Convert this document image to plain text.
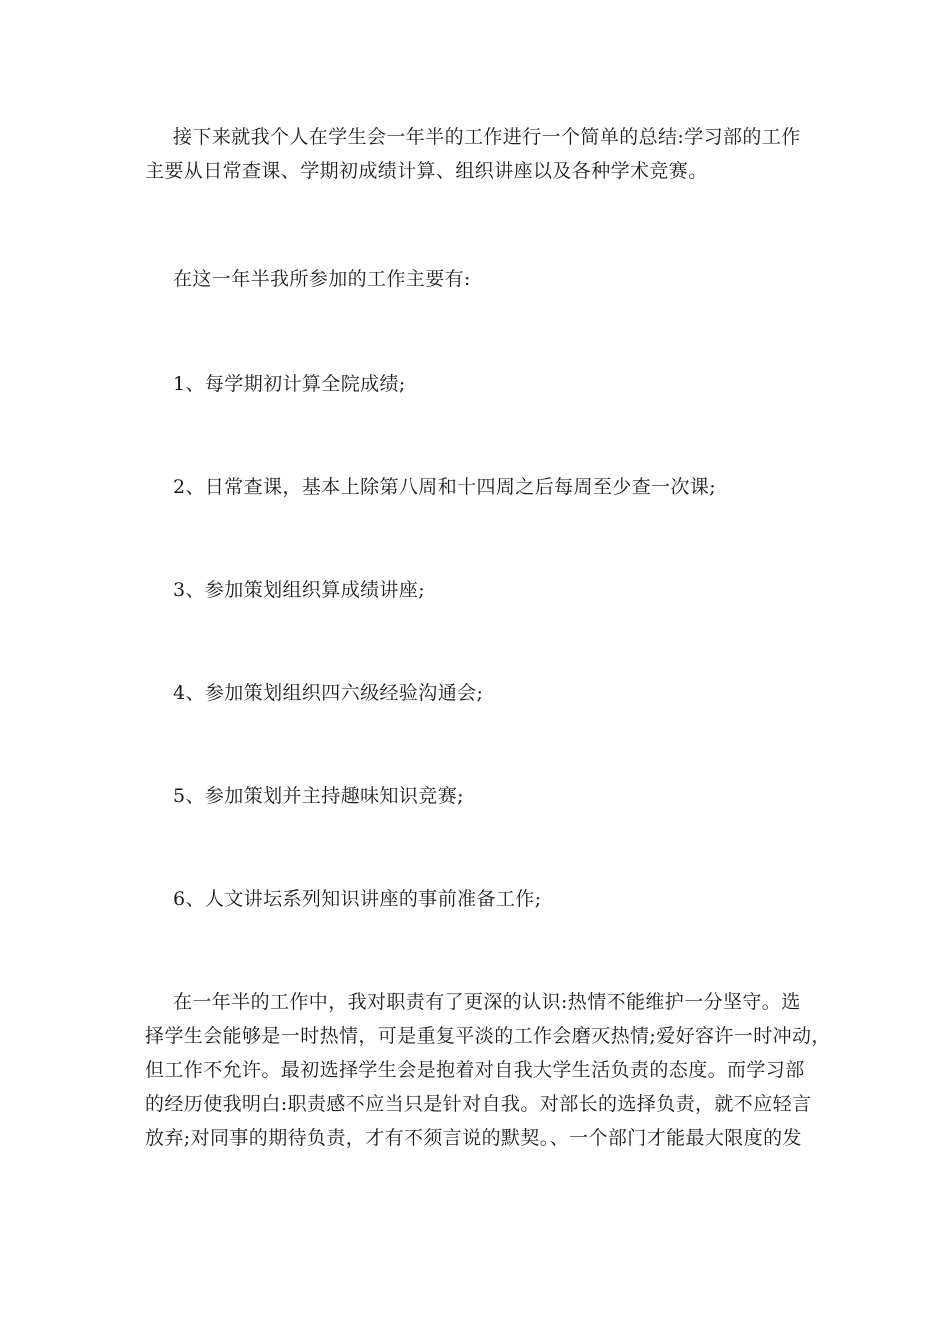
接下来就我个人在学生会一年半的工作进行一个简单的总结:学习部的工作
主要从日常查课、学期初成绩计算、组织讲座以及各种学术竞赛。
在这一年半我所参加的工作主要有:
1、每学期初计算全院成绩;
2、日常查课，基本上除第八周和十四周之后每周至少查一次课;
3、参加策划组织算成绩讲座;
4、参加策划组织四六级经验沟通会;
5、参加策划并主持趣味知识竞赛;
6、人文讲坛系列知识讲座的事前准备工作;
在一年半的工作中，我对职责有了更深的认识:热情不能维护一分坚守。选
择学生会能够是一时热情，可是重复平淡的工作会磨灭热情;爱好容许一时冲动，
但工作不允许。最初选择学生会是抱着对自我大学生活负责的态度。而学习部
的经历使我明白:职责感不应当只是针对自我。对部长的选择负责，就不应轻言
放弃;对同事的期待负责，才有不须言说的默契。、一个部门才能最大限度的发
